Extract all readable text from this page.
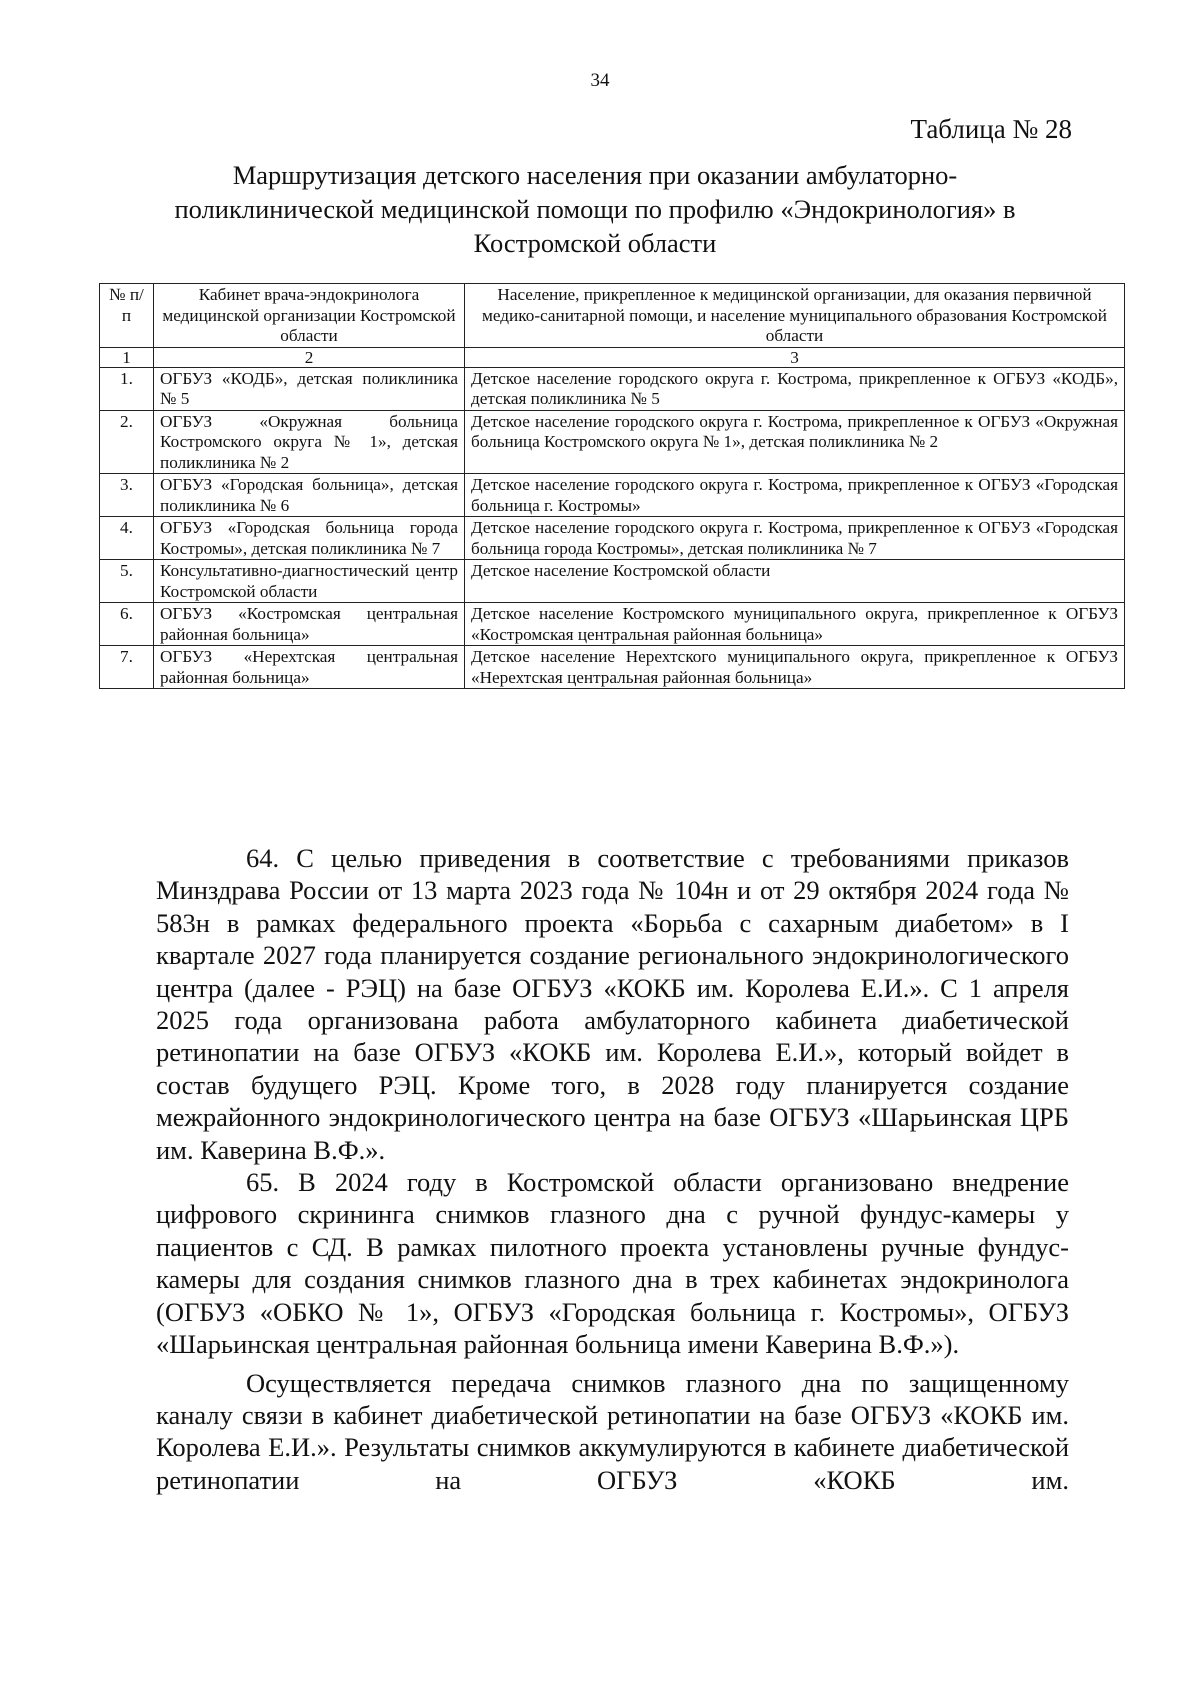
34
Таблица № 28
Маршрутизация детского населения при оказании амбулаторно-поликлинической медицинской помощи по профилю «Эндокринология» в Костромской области
№ п/п	Кабинет врача-эндокринолога медицинской организации Костромской области	Население, прикрепленное к медицинской организации, для оказания первичной медико-санитарной помощи, и население муниципального образования Костромской области
1	2	3
1.	ОГБУЗ «КОДБ», детская поликлиника № 5	Детское население городского округа г. Кострома, прикрепленное к ОГБУЗ «КОДБ», детская поликлиника № 5
2.	ОГБУЗ «Окружная больница Костромского округа № 1», детская поликлиника № 2	Детское население городского округа г. Кострома, прикрепленное к ОГБУЗ «Окружная больница Костромского округа № 1», детская поликлиника № 2
3.	ОГБУЗ «Городская больница», детская поликлиника № 6	Детское население городского округа г. Кострома, прикрепленное к ОГБУЗ «Городская больница г. Костромы»
4.	ОГБУЗ «Городская больница города Костромы», детская поликлиника № 7	Детское население городского округа г. Кострома, прикрепленное к ОГБУЗ «Городская больница города Костромы», детская поликлиника № 7
5.	Консультативно-диагностический центр Костромской области	Детское население Костромской области
6.	ОГБУЗ «Костромская центральная районная больница»	Детское население Костромского муниципального округа, прикрепленное к ОГБУЗ «Костромская центральная районная больница»
7.	ОГБУЗ «Нерехтская центральная районная больница»	Детское население Нерехтского муниципального округа, прикрепленное к ОГБУЗ «Нерехтская центральная районная больница»

64. С целью приведения в соответствие с требованиями приказов Минздрава России от 13 марта 2023 года № 104н и от 29 октября 2024 года № 583н в рамках федерального проекта «Борьба с сахарным диабетом» в I квартале 2027 года планируется создание регионального эндокринологического центра (далее - РЭЦ) на базе ОГБУЗ «КОКБ им. Королева Е.И.». С 1 апреля 2025 года организована работа амбулаторного кабинета диабетической ретинопатии на базе ОГБУЗ «КОКБ им. Королева Е.И.», который войдет в состав будущего РЭЦ. Кроме того, в 2028 году планируется создание межрайонного эндокринологического центра на базе ОГБУЗ «Шарьинская ЦРБ им. Каверина В.Ф.».

65. В 2024 году в Костромской области организовано внедрение цифрового скрининга снимков глазного дна с ручной фундус-камеры у пациентов с СД. В рамках пилотного проекта установлены ручные фундус-камеры для создания снимков глазного дна в трех кабинетах эндокринолога (ОГБУЗ «ОБКО № 1», ОГБУЗ «Городская больница г. Костромы», ОГБУЗ «Шарьинская центральная районная больница имени Каверина В.Ф.»).

Осуществляется передача снимков глазного дна по защищенному каналу связи в кабинет диабетической ретинопатии на базе ОГБУЗ «КОКБ им. Королева Е.И.». Результаты снимков аккумулируются в кабинете диабетической ретинопатии на ОГБУЗ «КОКБ им.
